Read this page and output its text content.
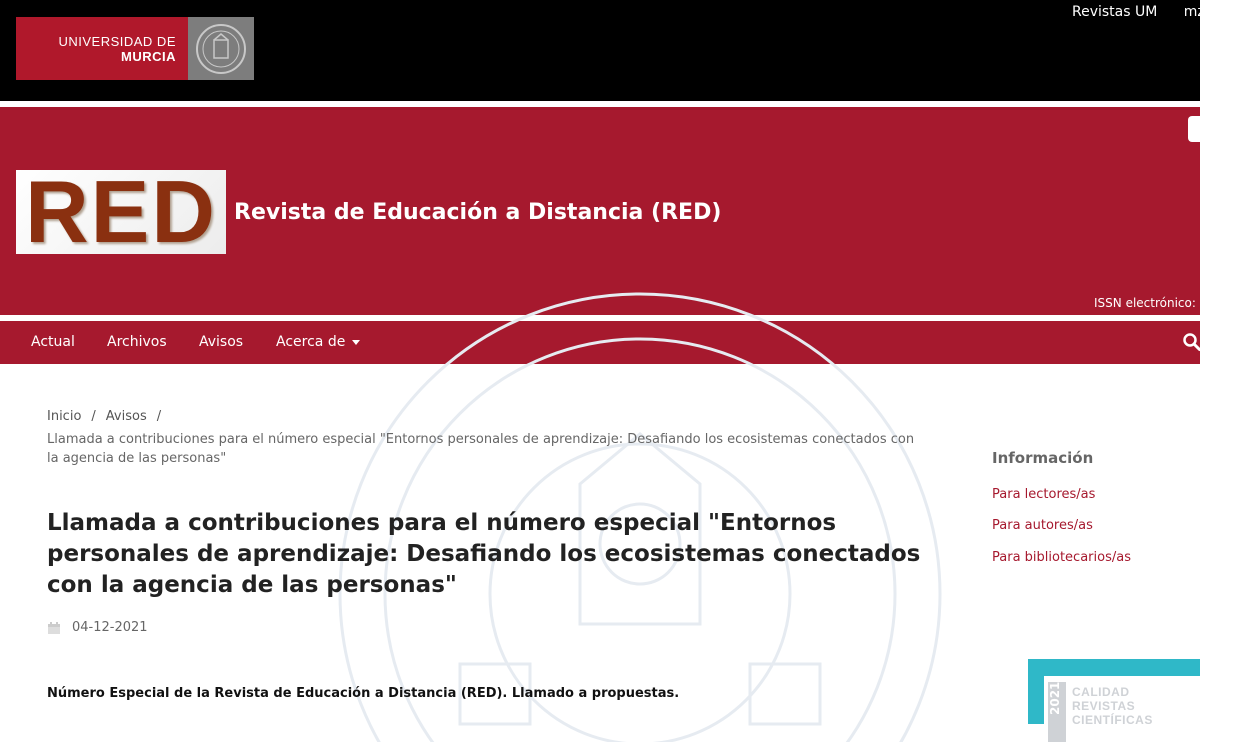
UNIVERSIDAD DE
MURCIA
Revistas UM mza
RED Revista de Educación a Distancia (RED)
ISSN electrónico: 1
Actual Archivos Avisos Acerca de
Inicio / Avisos /
Llamada a contribuciones para el número especial "Entornos personales de aprendizaje: Desafiando los ecosistemas conectados con la agencia de las personas"
Llamada a contribuciones para el número especial "Entornos personales de aprendizaje: Desafiando los ecosistemas conectados con la agencia de las personas"
04-12-2021
Número Especial de la Revista de Educación a Distancia (RED). Llamado a propuestas.
Información
Para lectores/as
Para autores/as
Para bibliotecarios/as
2021 CALIDAD
REVISTAS
CIENTÍFICAS
